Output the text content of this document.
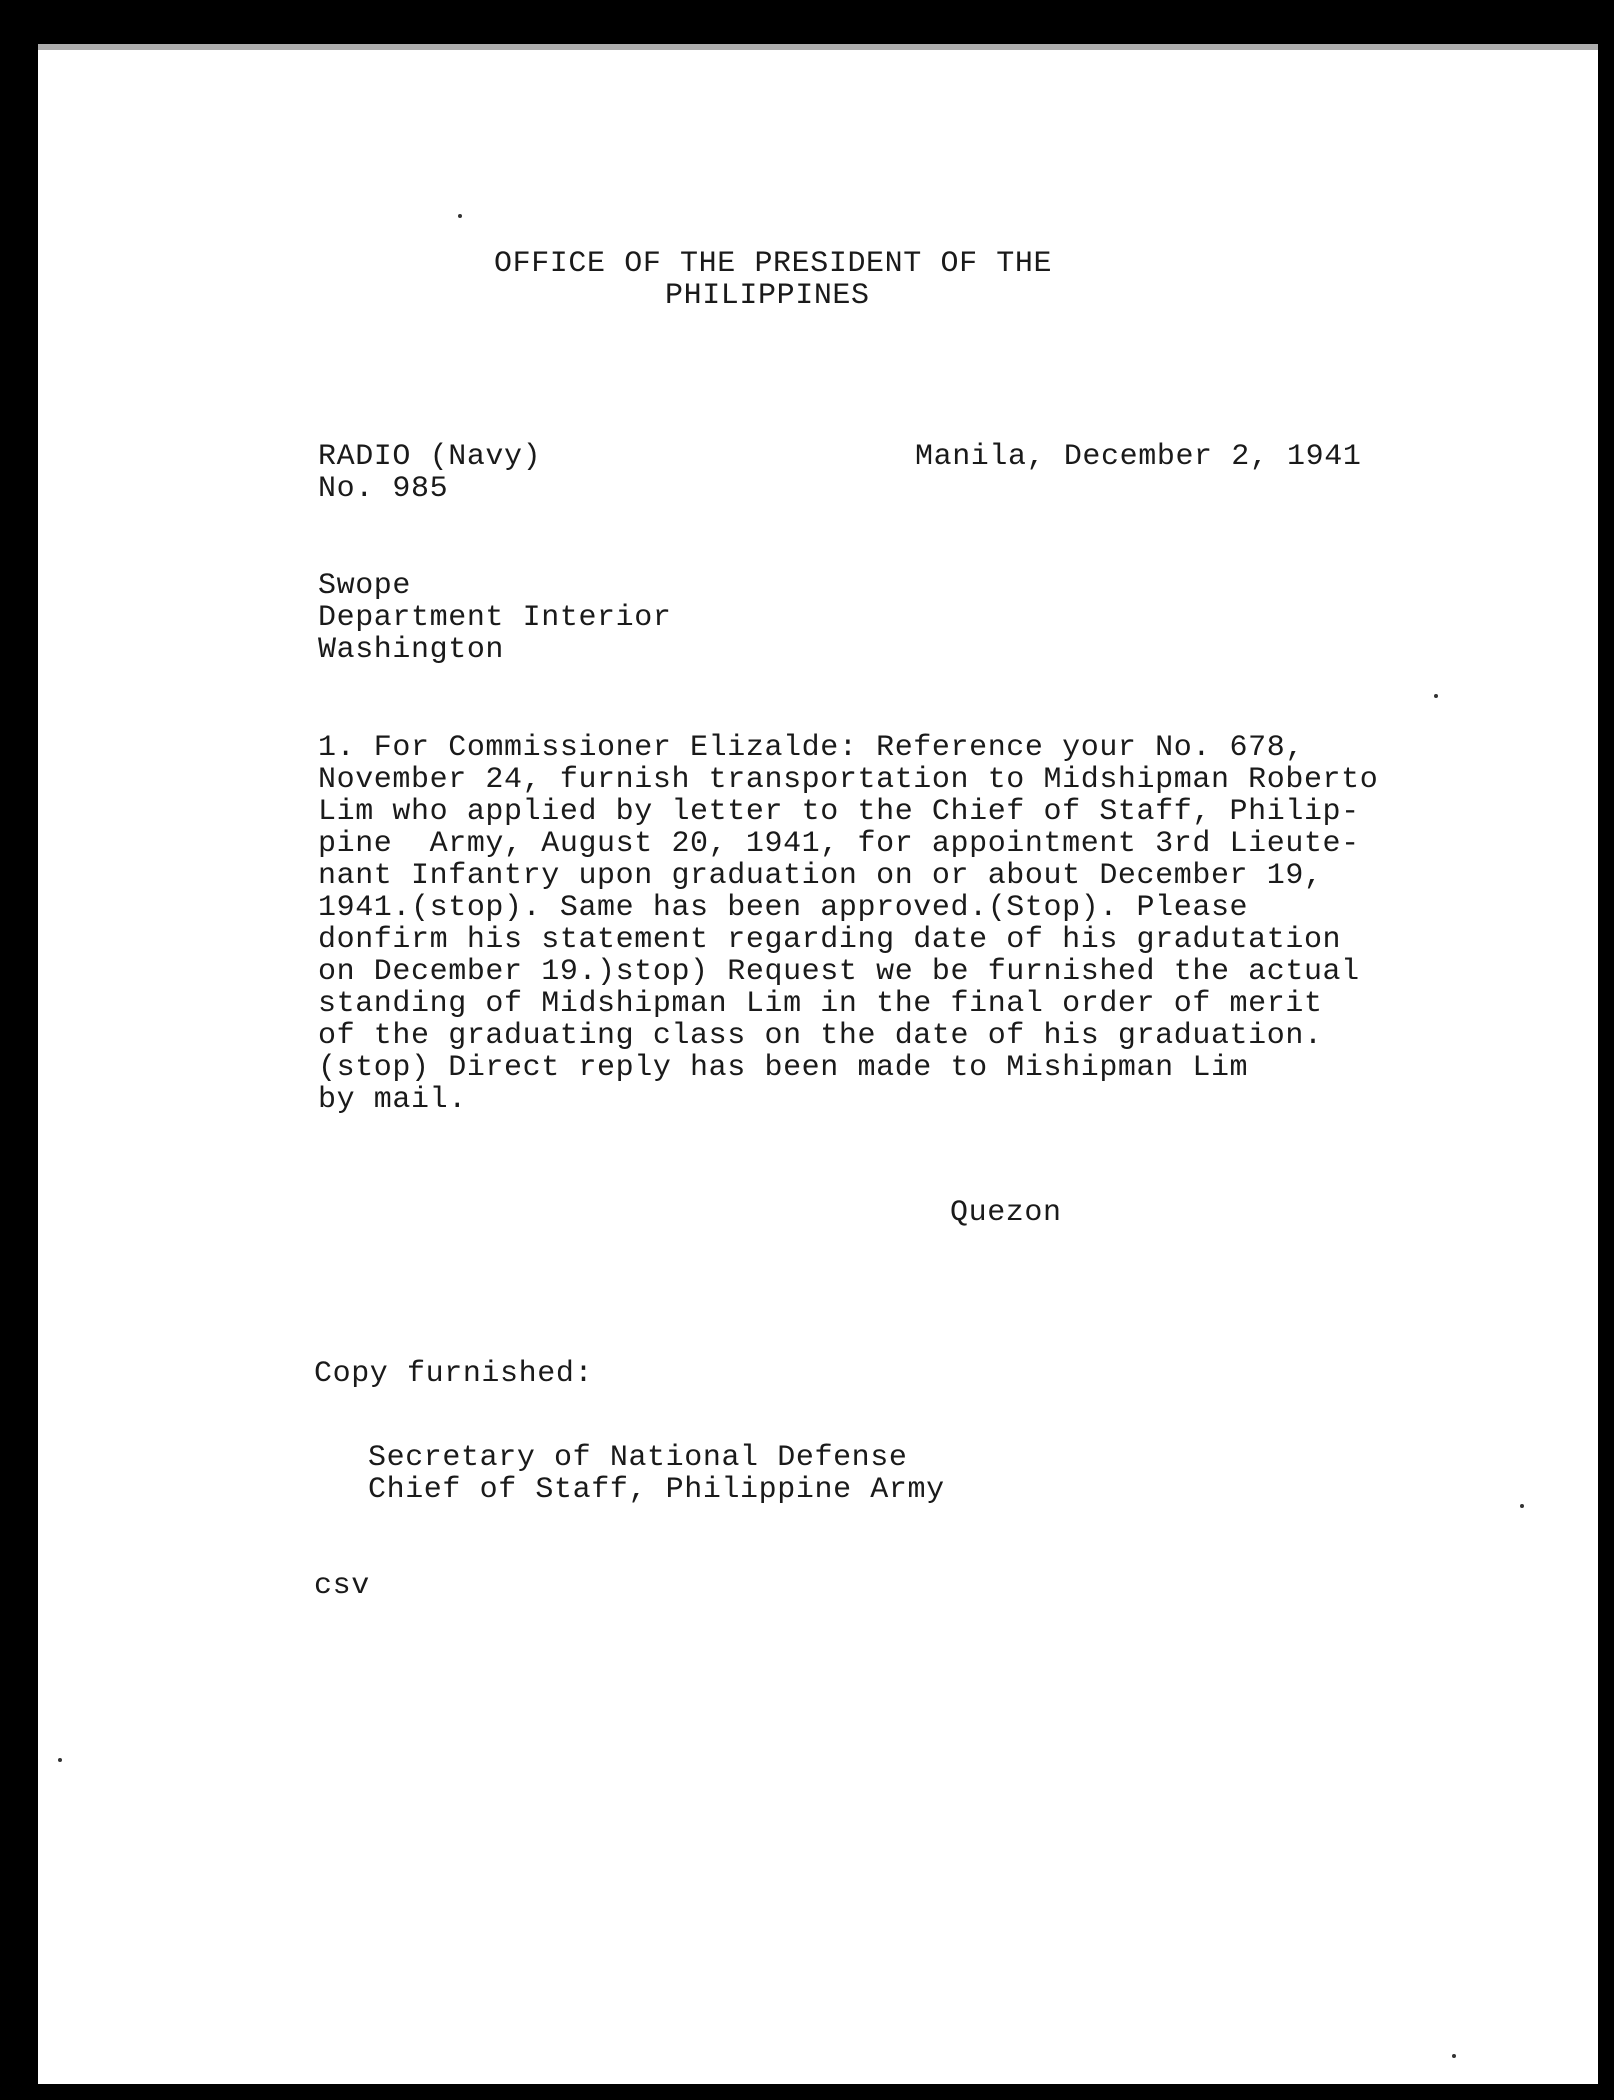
OFFICE OF THE PRESIDENT OF THE
PHILIPPINES
RADIO (Navy)
No. 985
Manila, December 2, 1941
Swope
Department Interior
Washington
1. For Commissioner Elizalde: Reference your No. 678,
November 24, furnish transportation to Midshipman Roberto
Lim who applied by letter to the Chief of Staff, Philip-
pine  Army, August 20, 1941, for appointment 3rd Lieute-
nant Infantry upon graduation on or about December 19,
1941.(stop). Same has been approved.(Stop). Please
donfirm his statement regarding date of his gradutation
on December 19.)stop) Request we be furnished the actual
standing of Midshipman Lim in the final order of merit
of the graduating class on the date of his graduation.
(stop) Direct reply has been made to Mishipman Lim
by mail.
Quezon
Copy furnished:
Secretary of National Defense
Chief of Staff, Philippine Army
csv
